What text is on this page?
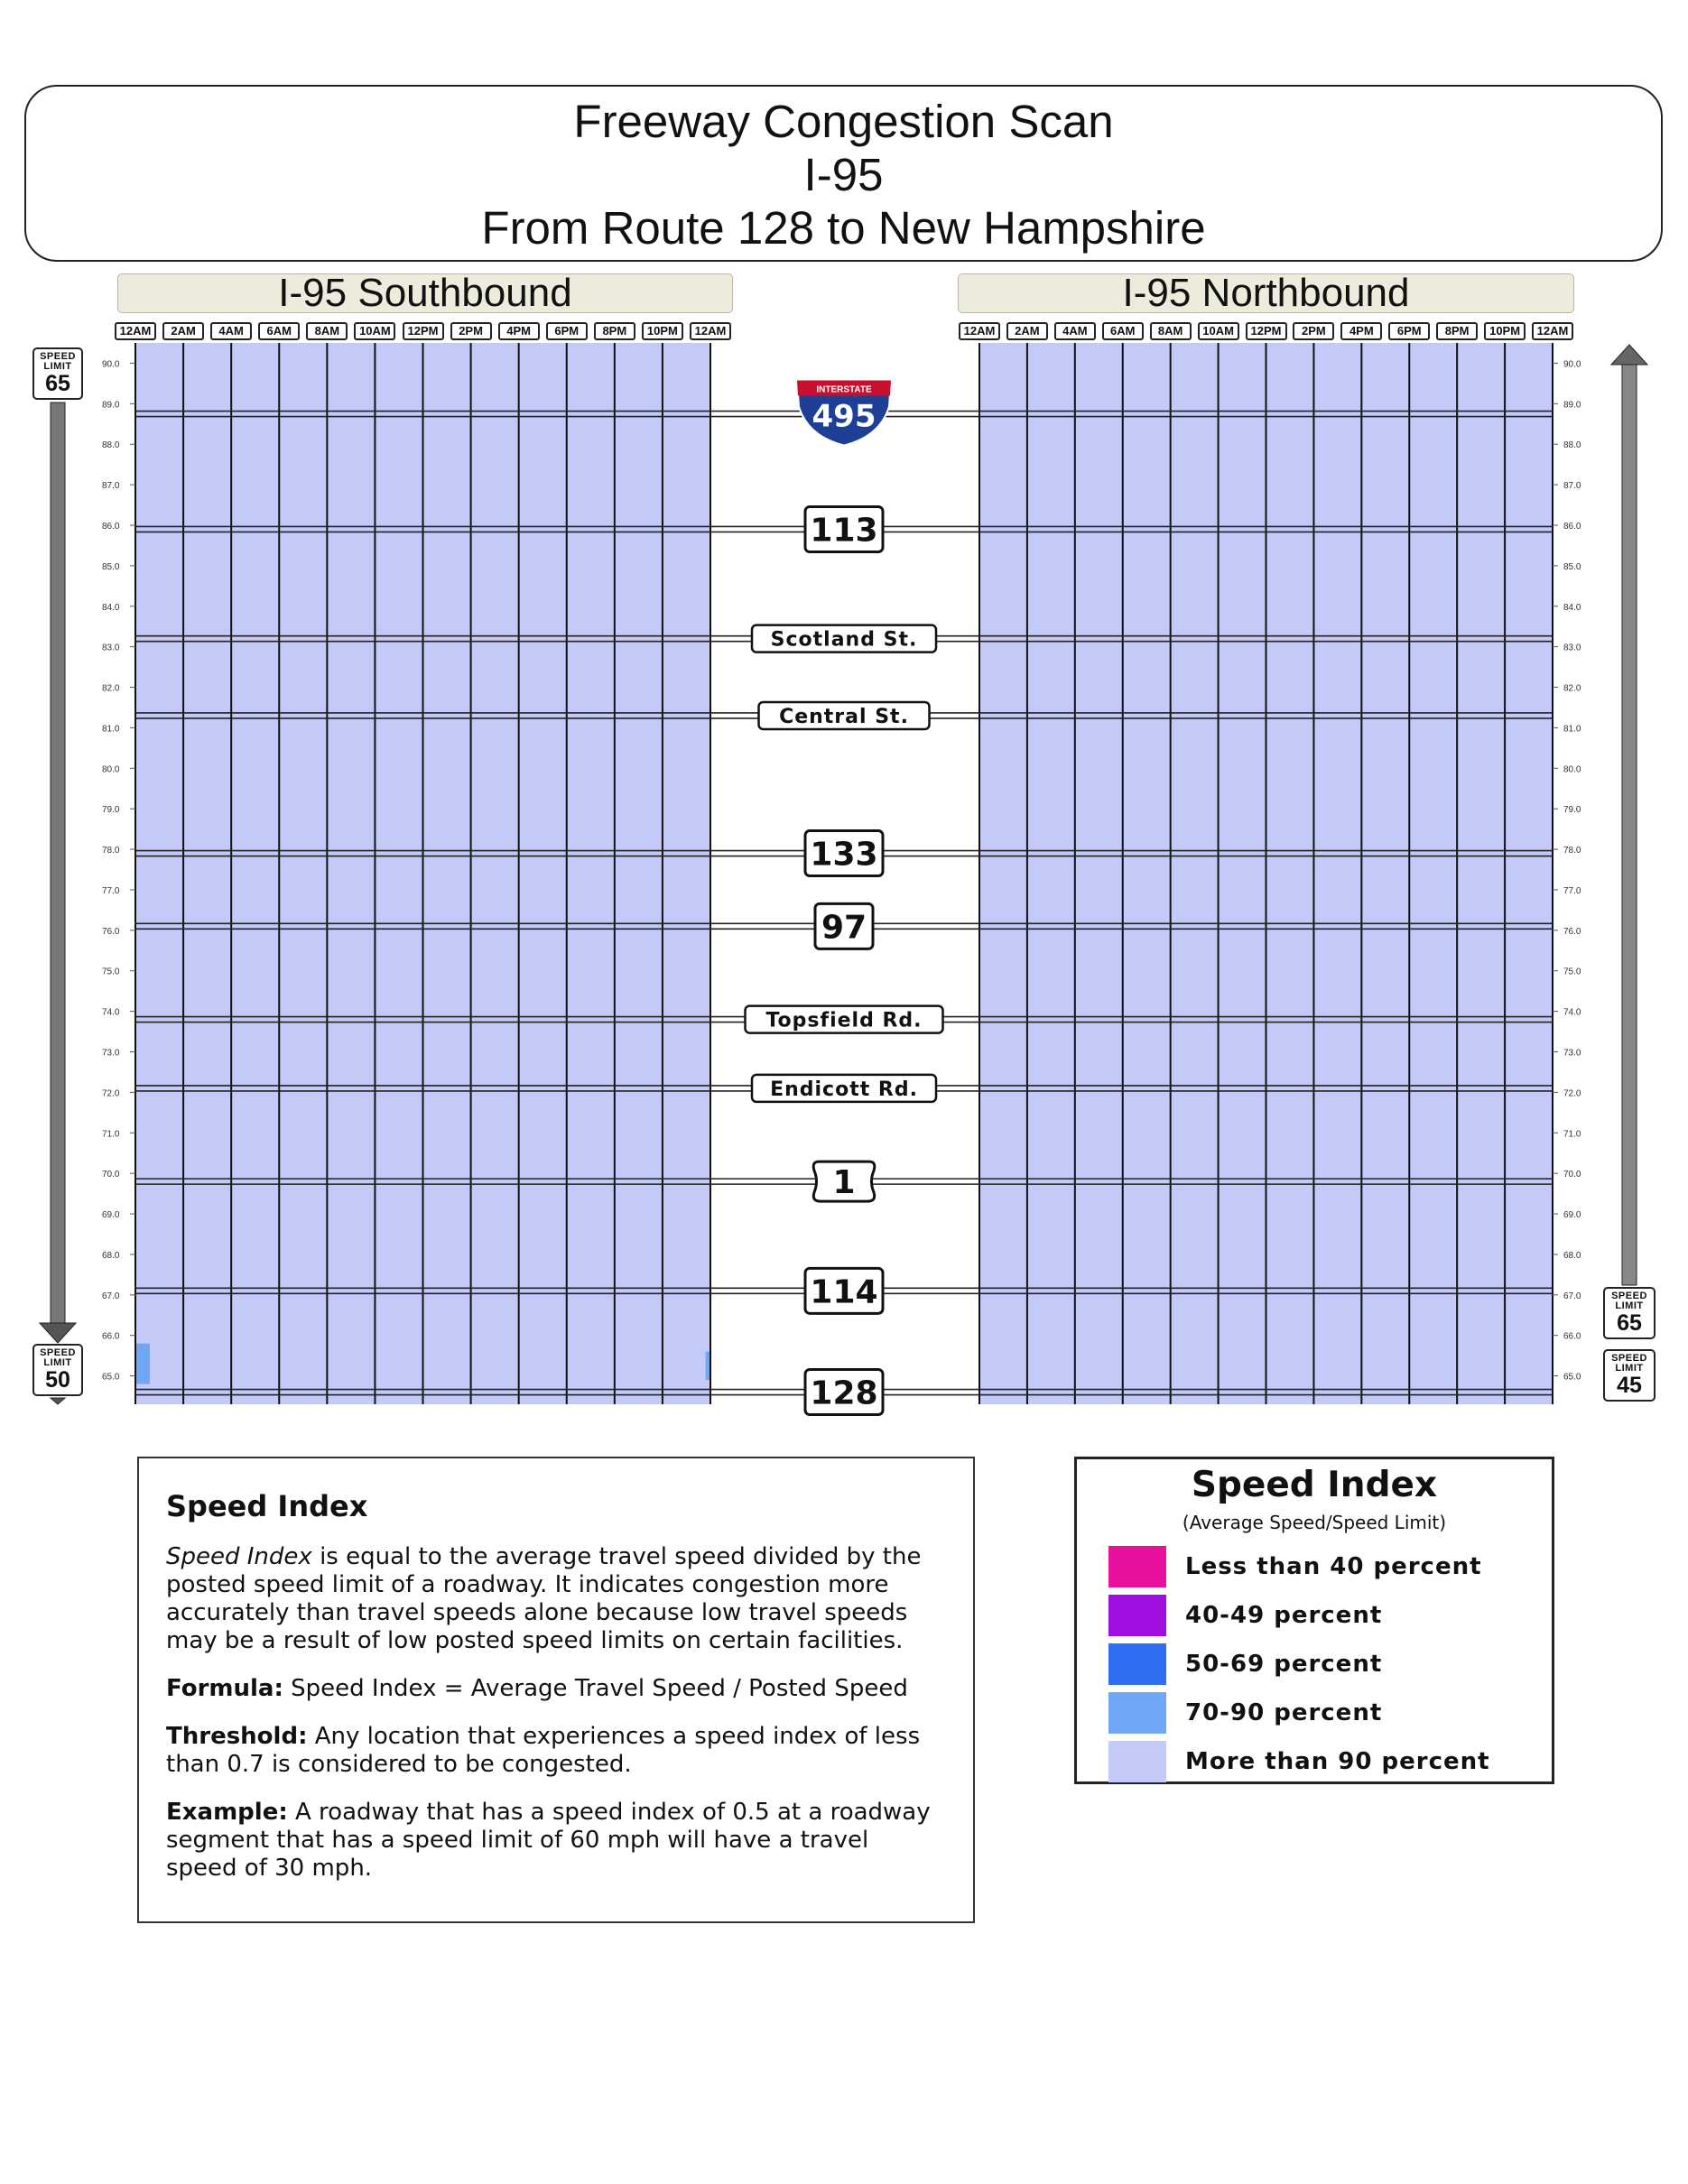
Freeway Congestion Scan
I-95
From Route 128 to New Hampshire
I-95 Southbound	I-95 Northbound
12AM	2AM	4AM	6AM	8AM	10AM	12PM	2PM	4PM	6PM	8PM	10PM	12AM	12AM	2AM	4AM	6AM	8AM	10AM	12PM	2PM	4PM	6PM	8PM	10PM	12AM
90.0
89.0
88.0
87.0
86.0
85.0
84.0
83.0
82.0
81.0
80.0
79.0
78.0
77.0
76.0
75.0
74.0
73.0
72.0
71.0
70.0
69.0
68.0
67.0
66.0
65.0
90.0
89.0
88.0
87.0
86.0
85.0
84.0
83.0
82.0
81.0
80.0
79.0
78.0
77.0
76.0
75.0
74.0
73.0
72.0
71.0
70.0
69.0
68.0
67.0
66.0
65.0
INTERSTATE
495
113
Scotland St.
Central St.
133
97
Topsfield Rd.
Endicott Rd.
1
114
128
SPEED LIMIT
65
SPEED LIMIT
50
SPEED LIMIT
65
SPEED LIMIT
45
Speed Index

Speed Index is equal to the average travel speed divided by the posted speed limit of a roadway. It indicates congestion more accurately than travel speeds alone because low travel speeds may be a result of low posted speed limits on certain facilities.

Formula: Speed Index = Average Travel Speed / Posted Speed

Threshold: Any location that experiences a speed index of less than 0.7 is considered to be congested.

Example: A roadway that has a speed index of 0.5 at a roadway segment that has a speed limit of 60 mph will have a travel speed of 30 mph.

Speed Index
(Average Speed/Speed Limit)
Less than 40 percent
40-49 percent
50-69 percent
70-90 percent
More than 90 percent
